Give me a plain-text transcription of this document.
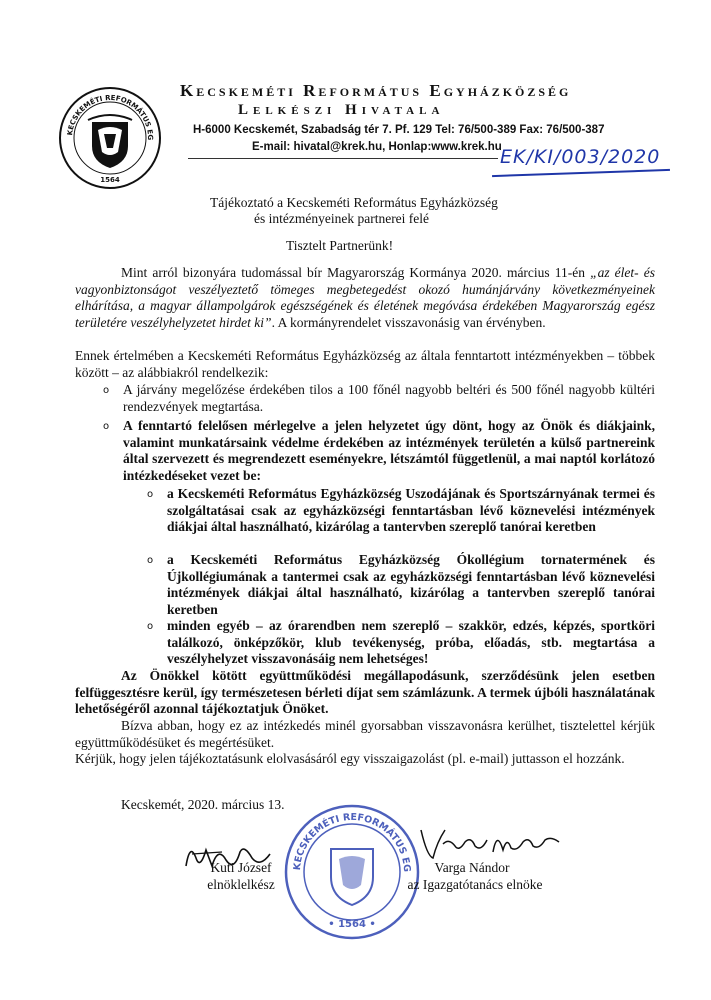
KECSKEMÉTI REFORMÁTUS EG
1564
Kecskeméti Református Egyházközség
Lelkészi Hivatala
H-6000 Kecskemét, Szabadság tér 7. Pf. 129 Tel: 76/500-389 Fax: 76/500-387
E-mail: hivatal@krek.hu, Honlap:www.krek.hu
EK/KI/003/2020
Tájékoztató a Kecskeméti Református Egyházközség
és intézményeinek partnerei felé
Tisztelt Partnerünk!
Mint arról bizonyára tudomással bír Magyarország Kormánya 2020. március 11-én „az élet- és vagyonbiztonságot veszélyeztető tömeges megbetegedést okozó humánjárvány következményeinek elhárítása, a magyar állampolgárok egészségének és életének megóvása érdekében Magyarország egész területére veszélyhelyzetet hirdet ki”. A kormányrendelet visszavonásig van érvényben.
Ennek értelmében a Kecskeméti Református Egyházközség az általa fenntartott intézményekben – többek között – az alábbiakról rendelkezik:
o A járvány megelőzése érdekében tilos a 100 főnél nagyobb beltéri és 500 főnél nagyobb kültéri rendezvények megtartása.
o A fenntartó felelősen mérlegelve a jelen helyzetet úgy dönt, hogy az Önök és diákjaink, valamint munkatársaink védelme érdekében az intézmények területén a külső partnereink által szervezett és megrendezett eseményekre, létszámtól függetlenül, a mai naptól korlátozó intézkedéseket vezet be:
o a Kecskeméti Református Egyházközség Uszodájának és Sportszárnyának termei és szolgáltatásai csak az egyházközségi fenntartásban lévő köznevelési intézmények diákjai által használható, kizárólag a tantervben szereplő tanórai keretben
o a Kecskeméti Református Egyházközség Ókollégium tornatermének és Újkollégiumának a tantermei csak az egyházközségi fenntartásban lévő köznevelési intézmények diákjai által használható, kizárólag a tantervben szereplő tanórai keretben
o minden egyéb – az órarendben nem szereplő – szakkör, edzés, képzés, sportköri találkozó, önképzőkör, klub tevékenység, próba, előadás, stb. megtartása a veszélyhelyzet visszavonásáig nem lehetséges!
Az Önökkel kötött együttműködési megállapodásunk, szerződésünk jelen esetben felfüggesztésre kerül, így természetesen bérleti díjat sem számlázunk. A termek újbóli használatának lehetőségéről azonnal tájékoztatjuk Önöket.
Bízva abban, hogy ez az intézkedés minél gyorsabban visszavonásra kerülhet, tisztelettel kérjük együttműködésüket és megértésüket.
Kérjük, hogy jelen tájékoztatásunk elolvasásáról egy visszaigazolást (pl. e-mail) juttasson el hozzánk.
Kecskemét, 2020. március 13.
Kuti József
elnöklelkész
KECSKEMÉTI REFORMÁTUS EG
• 1564 •
Varga Nándor
az Igazgatótanács elnöke
